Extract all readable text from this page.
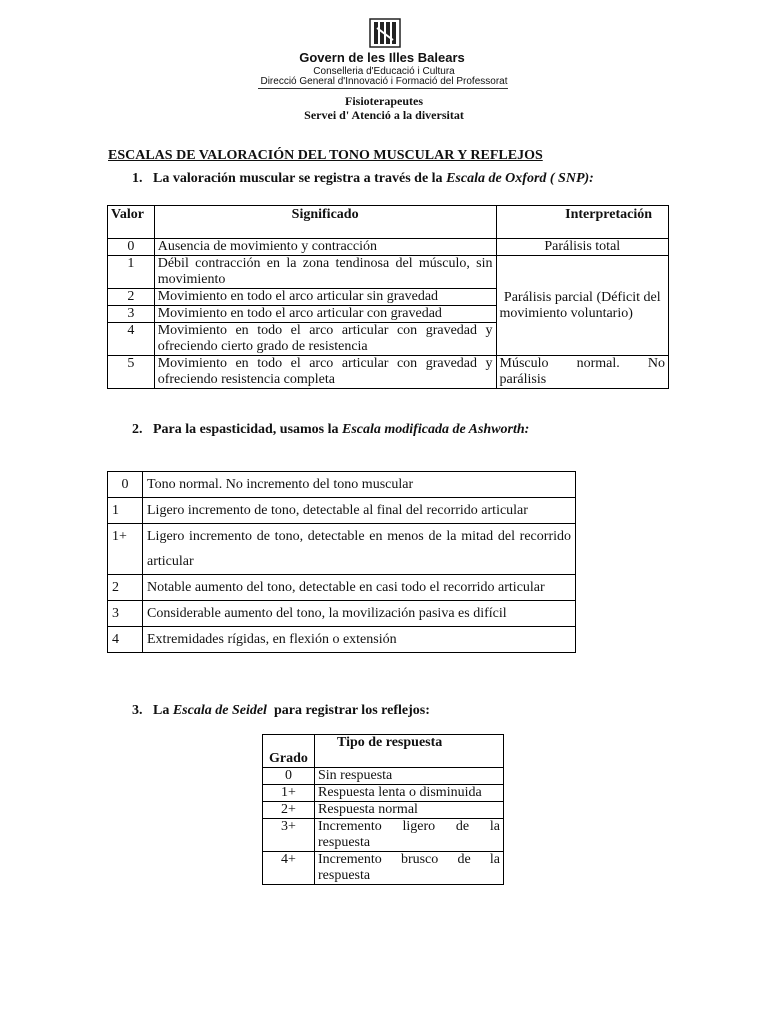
Govern de les Illes Balears
Conselleria d'Educació i Cultura
Direcció General d'Innovació i Formació del Professorat
Fisioterapeutes
Servei d' Atenció a la diversitat
ESCALAS DE VALORACIÓN DEL TONO MUSCULAR Y REFLEJOS
1. La valoración muscular se registra a través de la Escala de Oxford ( SNP):
Valor	Significado	Interpretación
0	Ausencia de movimiento y contracción	Parálisis total
1	Débil contracción en la zona tendinosa del músculo, sin movimiento	Parálisis parcial (Déficit del movimiento voluntario)

2	Movimiento en todo el arco articular sin gravedad	
3	Movimiento en todo el arco articular con gravedad	
4	Movimiento en todo el arco articular con gravedad y ofreciendo cierto grado de resistencia	
5	Movimiento en todo el arco articular con gravedad y ofreciendo resistencia completa	Músculo normal. No parálisis
2. Para la espasticidad, usamos la Escala modificada de Ashworth:
0	Tono normal. No incremento del tono muscular
1	Ligero incremento de tono, detectable al final del recorrido articular
1+	Ligero incremento de tono, detectable en menos de la mitad del recorrido articular
2	Notable aumento del tono, detectable en casi todo el recorrido articular
3	Considerable aumento del tono, la movilización pasiva es difícil
4	Extremidades rígidas, en flexión o extensión
3. La Escala de Seidel  para registrar los reflejos:
Grado	Tipo de respuesta
0	Sin respuesta
1+	Respuesta lenta o disminuida
2+	Respuesta normal
3+	Incremento ligero de la respuesta
4+	Incremento brusco de la respuesta
